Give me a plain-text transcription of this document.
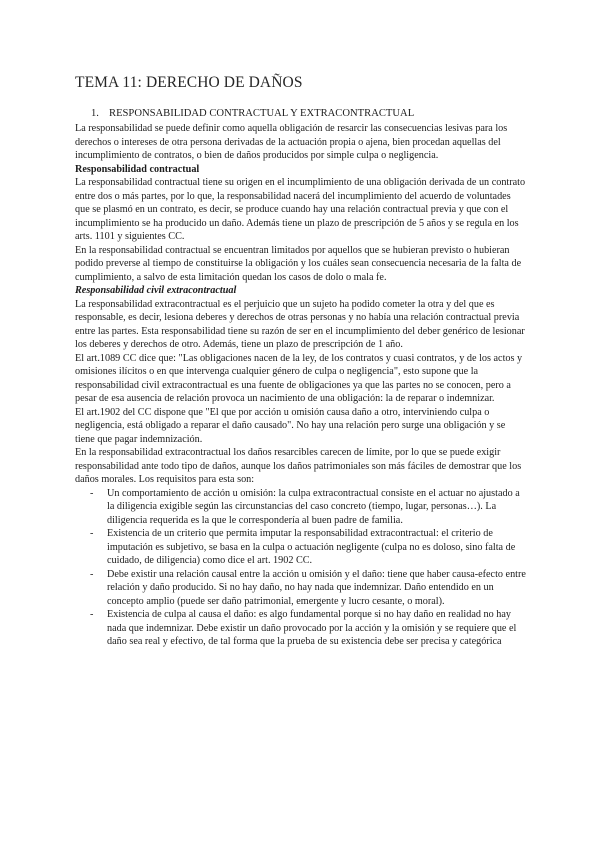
TEMA 11: DERECHO DE DAÑOS
1. RESPONSABILIDAD CONTRACTUAL Y EXTRACONTRACTUAL

La responsabilidad se puede definir como aquella obligación de resarcir las consecuencias lesivas para los derechos o intereses de otra persona derivadas de la actuación propia o ajena, bien procedan aquellas del incumplimiento de contratos, o bien de daños producidos por simple culpa o negligencia.

Responsabilidad contractual

La responsabilidad contractual tiene su origen en el incumplimiento de una obligación derivada de un contrato entre dos o más partes, por lo que, la responsabilidad nacerá del incumplimiento del acuerdo de voluntades que se plasmó en un contrato, es decir, se produce cuando hay una relación contractual previa y que con el incumplimiento se ha producido un daño. Además tiene un plazo de prescripción de 5 años y se regula en los arts. 1101 y siguientes CC.

En la responsabilidad contractual se encuentran limitados por aquellos que se hubieran previsto o hubieran podido preverse al tiempo de constituirse la obligación y los cuáles sean consecuencia necesaria de la falta de cumplimiento, a salvo de esta limitación quedan los casos de dolo o mala fe.

Responsabilidad civil extracontractual

La responsabilidad extracontractual es el perjuicio que un sujeto ha podido cometer la otra y del que es responsable, es decir, lesiona deberes y derechos de otras personas y no había una relación contractual previa entre las partes. Esta responsabilidad tiene su razón de ser en el incumplimiento del deber genérico de lesionar los deberes y derechos de otro. Además, tiene un plazo de prescripción de 1 año.

El art.1089 CC dice que: "Las obligaciones nacen de la ley, de los contratos y cuasi contratos, y de los actos y omisiones ilícitos o en que intervenga cualquier género de culpa o negligencia", esto supone que la responsabilidad civil extracontractual es una fuente de obligaciones ya que las partes no se conocen, pero a pesar de esa ausencia de relación provoca un nacimiento de una obligación: la de reparar o indemnizar.

El art.1902 del CC dispone que "El que por acción u omisión causa daño a otro, interviniendo culpa o negligencia, está obligado a reparar el daño causado". No hay una relación pero surge una obligación y se tiene que pagar indemnización.

En la responsabilidad extracontractual los daños resarcibles carecen de límite, por lo que se puede exigir responsabilidad ante todo tipo de daños, aunque los daños patrimoniales son más fáciles de demostrar que los daños morales. Los requisitos para esta son:

- Un comportamiento de acción u omisión: la culpa extracontractual consiste en el actuar no ajustado a la diligencia exigible según las circunstancias del caso concreto (tiempo, lugar, personas…). La diligencia requerida es la que le correspondería al buen padre de familia.
- Existencia de un criterio que permita imputar la responsabilidad extracontractual: el criterio de imputación es subjetivo, se basa en la culpa o actuación negligente (culpa no es doloso, sino falta de cuidado, de diligencia) como dice el art. 1902 CC.
- Debe existir una relación causal entre la acción u omisión y el daño: tiene que haber causa-efecto entre relación y daño producido. Si no hay daño, no hay nada que indemnizar. Daño entendido en un concepto amplio (puede ser daño patrimonial, emergente y lucro cesante, o moral).
- Existencia de culpa al causa el daño: es algo fundamental porque si no hay daño en realidad no hay nada que indemnizar. Debe existir un daño provocado por la acción y la omisión y se requiere que el daño sea real y efectivo, de tal forma que la prueba de su existencia debe ser precisa y categórica
